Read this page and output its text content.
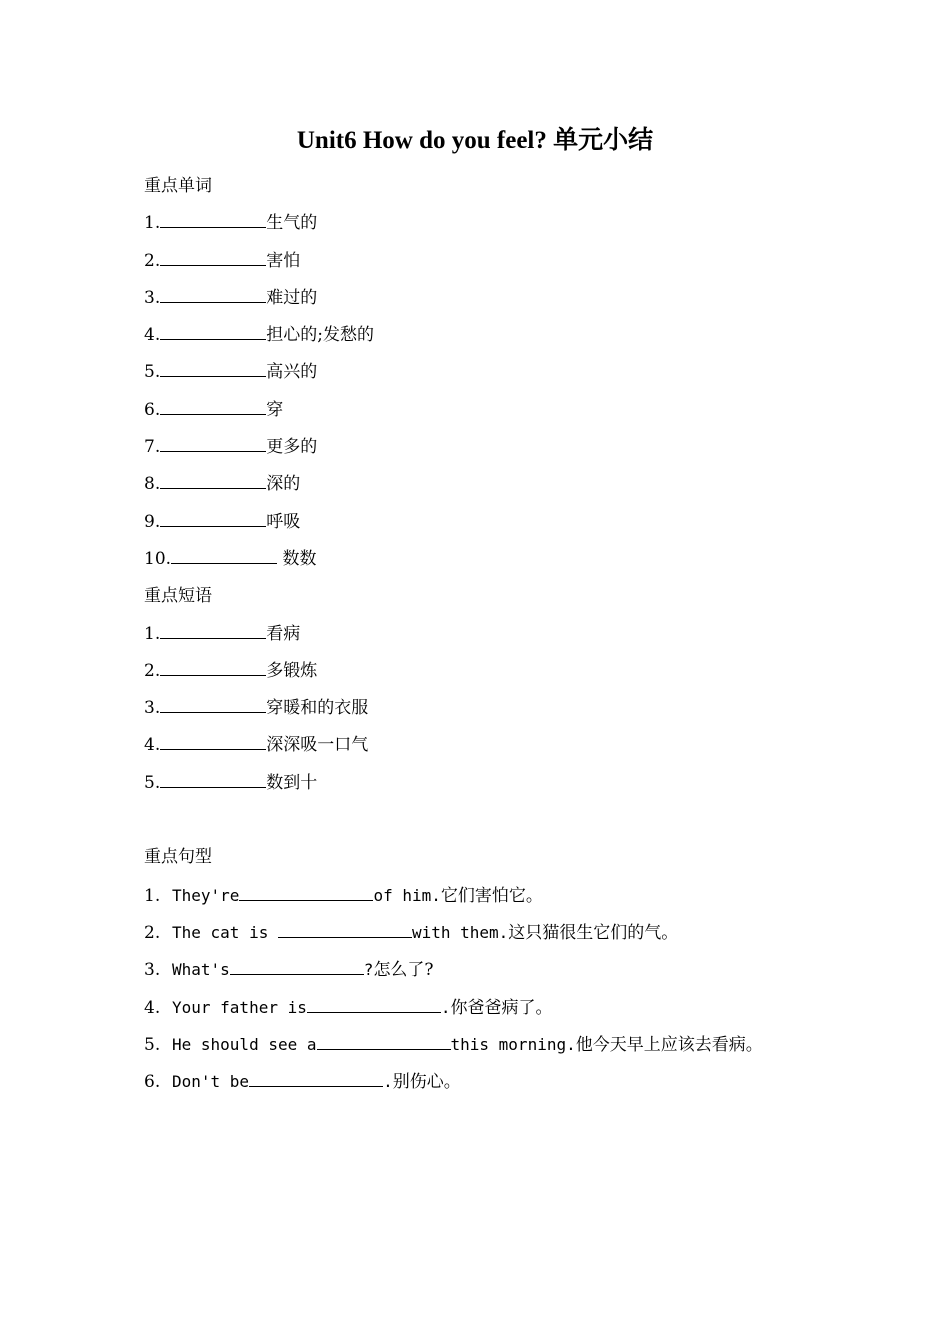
Unit6 How do you feel? 单元小结
重点单词
1.	生气的
2.	害怕
3.	难过的
4.	担心的;发愁的
5.	高兴的
6.	穿
7.	更多的
8.	深的
9.	呼吸
10.	数数
重点短语
1.	看病
2.	多锻炼
3.	穿暖和的衣服
4.	深深吸一口气
5.	数到十
重点句型
1. They're	of him.它们害怕它。
2. The cat is	with them.这只猫很生它们的气。
3. What's	?怎么了?
4. Your father is	.你爸爸病了。
5. He should see a	this morning.他今天早上应该去看病。
6. Don't be	.别伤心。
